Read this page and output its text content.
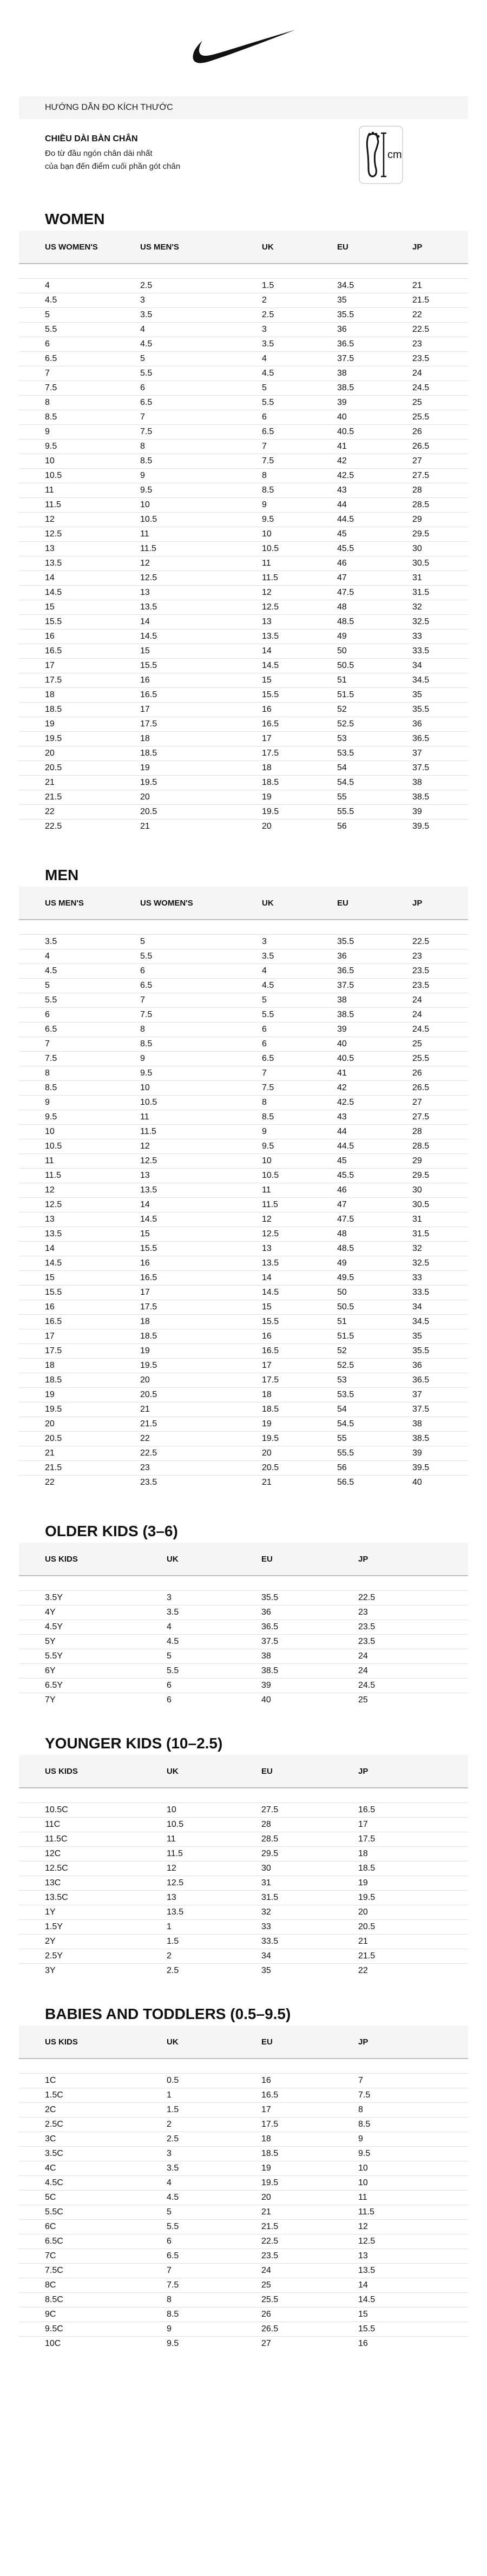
HƯỚNG DẪN ĐO KÍCH THƯỚC
CHIỀU DÀI BÀN CHÂN
Đo từ đầu ngón chân dài nhất
của bạn đến điểm cuối phần gót chân
cm
WOMEN
US WOMEN'S	US MEN'S	UK	EU	JP

4	2.5	1.5	34.5	21
4.5	3	2	35	21.5
5	3.5	2.5	35.5	22
5.5	4	3	36	22.5
6	4.5	3.5	36.5	23
6.5	5	4	37.5	23.5
7	5.5	4.5	38	24
7.5	6	5	38.5	24.5
8	6.5	5.5	39	25
8.5	7	6	40	25.5
9	7.5	6.5	40.5	26
9.5	8	7	41	26.5
10	8.5	7.5	42	27
10.5	9	8	42.5	27.5
11	9.5	8.5	43	28
11.5	10	9	44	28.5
12	10.5	9.5	44.5	29
12.5	11	10	45	29.5
13	11.5	10.5	45.5	30
13.5	12	11	46	30.5
14	12.5	11.5	47	31
14.5	13	12	47.5	31.5
15	13.5	12.5	48	32
15.5	14	13	48.5	32.5
16	14.5	13.5	49	33
16.5	15	14	50	33.5
17	15.5	14.5	50.5	34
17.5	16	15	51	34.5
18	16.5	15.5	51.5	35
18.5	17	16	52	35.5
19	17.5	16.5	52.5	36
19.5	18	17	53	36.5
20	18.5	17.5	53.5	37
20.5	19	18	54	37.5
21	19.5	18.5	54.5	38
21.5	20	19	55	38.5
22	20.5	19.5	55.5	39
22.5	21	20	56	39.5
MEN
US MEN'S	US WOMEN'S	UK	EU	JP

3.5	5	3	35.5	22.5
4	5.5	3.5	36	23
4.5	6	4	36.5	23.5
5	6.5	4.5	37.5	23.5
5.5	7	5	38	24
6	7.5	5.5	38.5	24
6.5	8	6	39	24.5
7	8.5	6	40	25
7.5	9	6.5	40.5	25.5
8	9.5	7	41	26
8.5	10	7.5	42	26.5
9	10.5	8	42.5	27
9.5	11	8.5	43	27.5
10	11.5	9	44	28
10.5	12	9.5	44.5	28.5
11	12.5	10	45	29
11.5	13	10.5	45.5	29.5
12	13.5	11	46	30
12.5	14	11.5	47	30.5
13	14.5	12	47.5	31
13.5	15	12.5	48	31.5
14	15.5	13	48.5	32
14.5	16	13.5	49	32.5
15	16.5	14	49.5	33
15.5	17	14.5	50	33.5
16	17.5	15	50.5	34
16.5	18	15.5	51	34.5
17	18.5	16	51.5	35
17.5	19	16.5	52	35.5
18	19.5	17	52.5	36
18.5	20	17.5	53	36.5
19	20.5	18	53.5	37
19.5	21	18.5	54	37.5
20	21.5	19	54.5	38
20.5	22	19.5	55	38.5
21	22.5	20	55.5	39
21.5	23	20.5	56	39.5
22	23.5	21	56.5	40
OLDER KIDS (3–6)
US KIDS	UK	EU	JP

3.5Y	3	35.5	22.5
4Y	3.5	36	23
4.5Y	4	36.5	23.5
5Y	4.5	37.5	23.5
5.5Y	5	38	24
6Y	5.5	38.5	24
6.5Y	6	39	24.5
7Y	6	40	25
YOUNGER KIDS (10–2.5)
US KIDS	UK	EU	JP

10.5C	10	27.5	16.5
11C	10.5	28	17
11.5C	11	28.5	17.5
12C	11.5	29.5	18
12.5C	12	30	18.5
13C	12.5	31	19
13.5C	13	31.5	19.5
1Y	13.5	32	20
1.5Y	1	33	20.5
2Y	1.5	33.5	21
2.5Y	2	34	21.5
3Y	2.5	35	22
BABIES AND TODDLERS (0.5–9.5)
US KIDS	UK	EU	JP

1C	0.5	16	7
1.5C	1	16.5	7.5
2C	1.5	17	8
2.5C	2	17.5	8.5
3C	2.5	18	9
3.5C	3	18.5	9.5
4C	3.5	19	10
4.5C	4	19.5	10
5C	4.5	20	11
5.5C	5	21	11.5
6C	5.5	21.5	12
6.5C	6	22.5	12.5
7C	6.5	23.5	13
7.5C	7	24	13.5
8C	7.5	25	14
8.5C	8	25.5	14.5
9C	8.5	26	15
9.5C	9	26.5	15.5
10C	9.5	27	16
